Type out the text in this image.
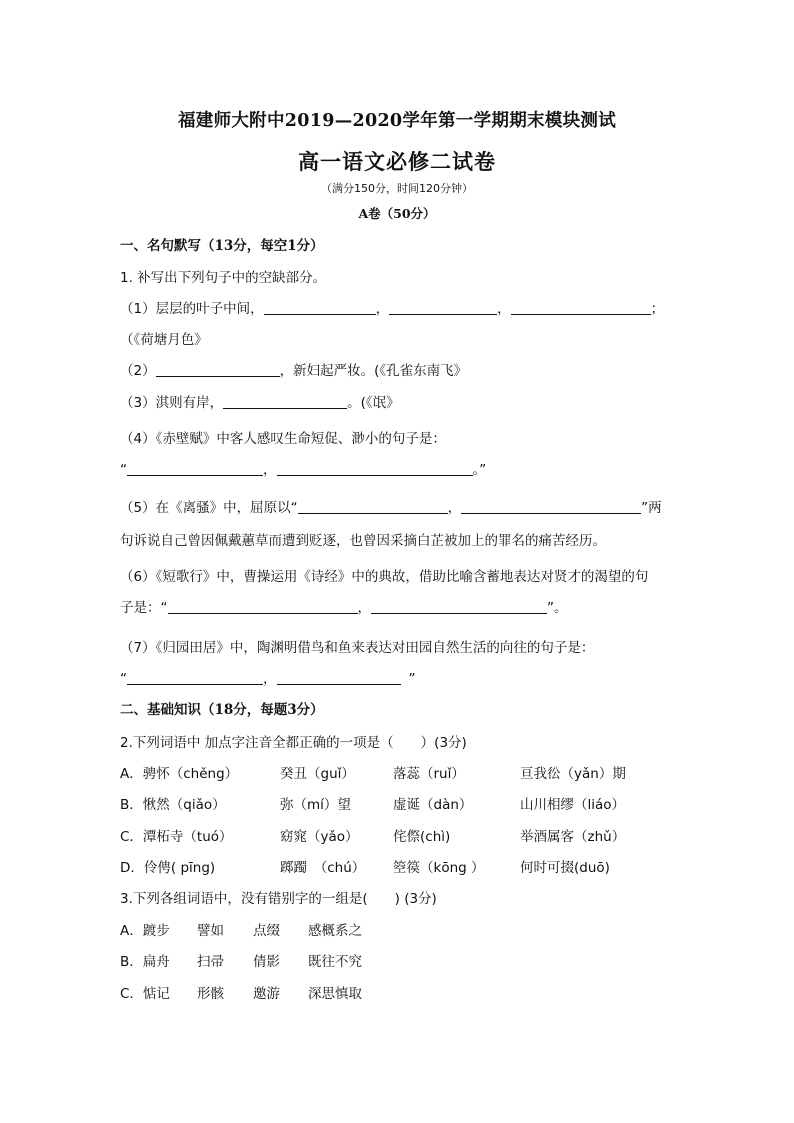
福建师大附中2019—2020学年第一学期期末模块测试
高一语文必修二试卷
（满分150分，时间120分钟）
A卷（50分）
一、名句默写（13分，每空1分）
1. 补写出下列句子中的空缺部分。
（1）层层的叶子中间，	，	，	；
（《荷塘月色》
（2）	，新妇起严妆。(《孔雀东南飞》
（3）淇则有岸，	。(《氓》
（4）《赤壁赋》中客人感叹生命短促、渺小的句子是：
“	，	。”
（5）在《离骚》中，屈原以“	，	”两
句诉说自己曾因佩戴蕙草而遭到贬逐，也曾因采摘白芷被加上的罪名的痛苦经历。
（6）《短歌行》中，曹操运用《诗经》中的典故，借助比喻含蓄地表达对贤才的渴望的句
子是：“	，	”。
（7）《归园田居》中，陶渊明借鸟和鱼来表达对田园自然生活的向往的句子是：
“	，	”
二、基础知识（18分，每题3分）
2.下列词语中 加点字注音全都正确的一项是（　　）(3分)
A．骋怀（chěng）	癸丑（guǐ）	落蕊（ruǐ）	亘我彸（yǎn）期
B．愀然（qiǎo）	弥（mí）望	虚诞（dàn）	山川相缪（liáo）
C．潭柘寺（tuó）	窈窕（yǎo）	侘傺(chì)	举酒属客（zhǔ）
D．伶俜( pīng)	踯躅　（chú） 箜篌（kōng ）	何时可掇(duō)
3.下列各组词语中，没有错别字的一组是(　　) (3分)
A．踱步 譬如 点缀 感概系之
B．扁舟 扫帚 倩影 既往不究
C．惦记 形骸 邀游 深思慎取
